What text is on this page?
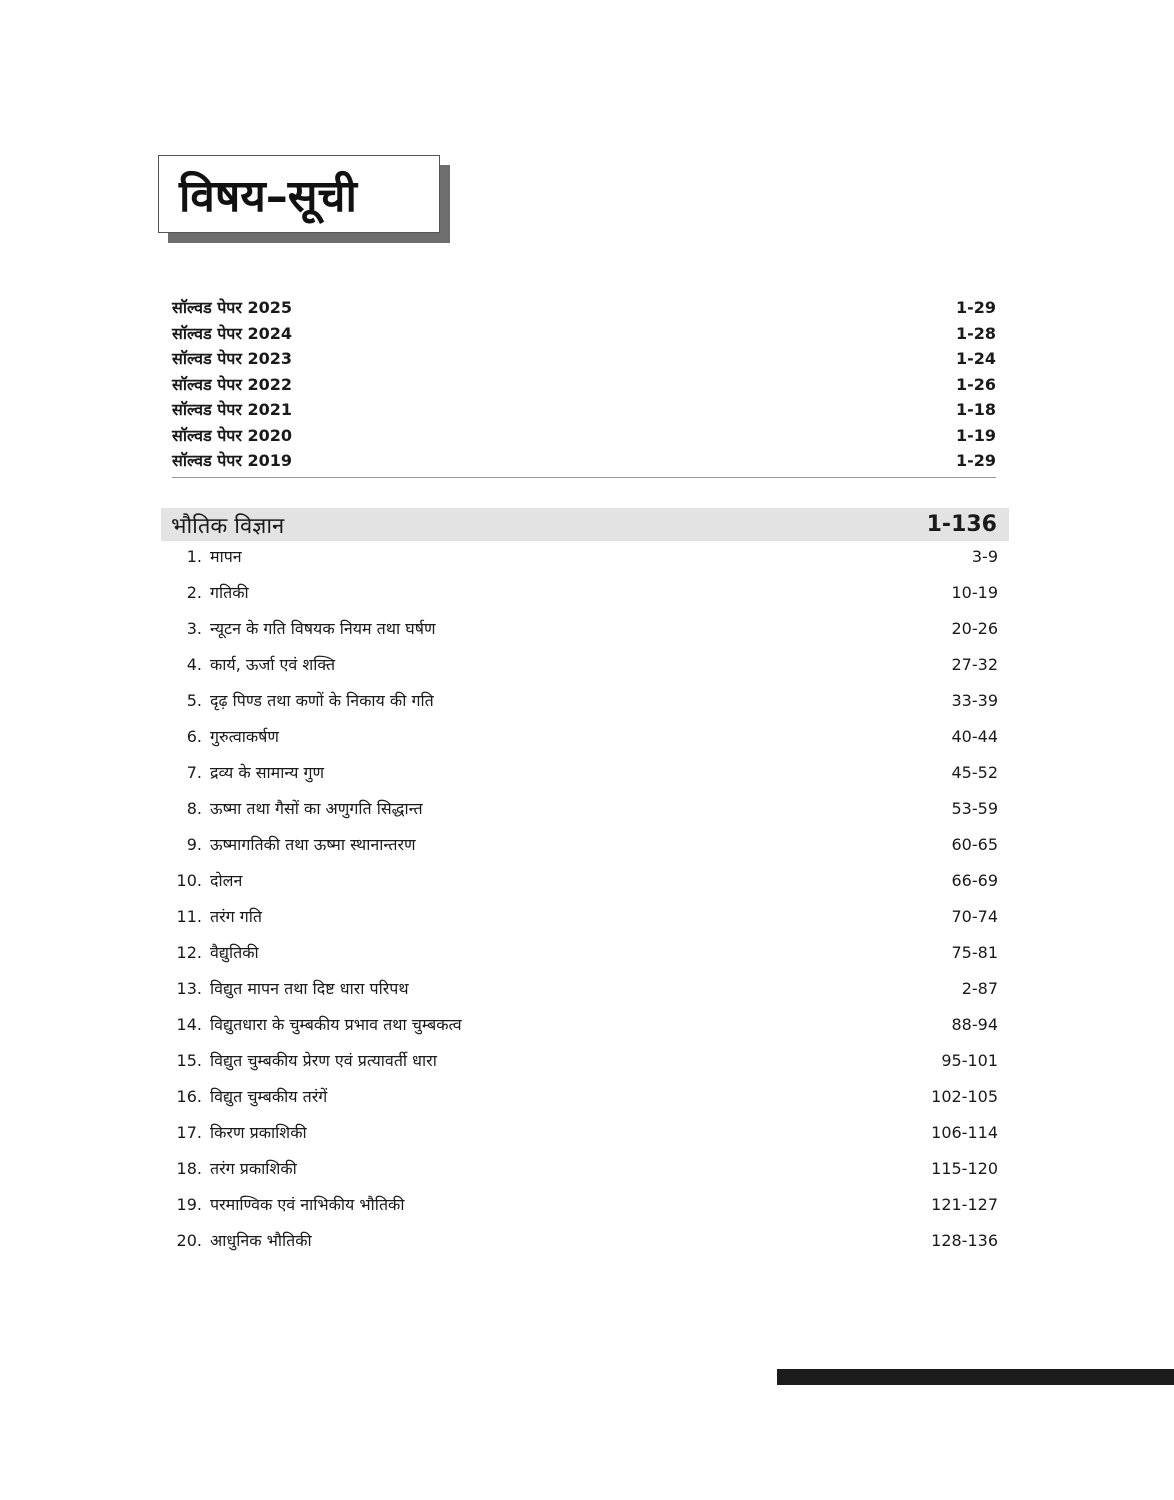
विषय–सूची
सॉल्वड पेपर 2025	1-29
सॉल्वड पेपर 2024	1-28
सॉल्वड पेपर 2023	1-24
सॉल्वड पेपर 2022	1-26
सॉल्वड पेपर 2021	1-18
सॉल्वड पेपर 2020	1-19
सॉल्वड पेपर 2019	1-29
भौतिक विज्ञान	1-136
1. मापन	3-9
2. गतिकी	10-19
3. न्यूटन के गति विषयक नियम तथा घर्षण	20-26
4. कार्य, ऊर्जा एवं शक्ति	27-32
5. दृढ़ पिण्ड तथा कणों के निकाय की गति	33-39
6. गुरुत्वाकर्षण	40-44
7. द्रव्य के सामान्य गुण	45-52
8. ऊष्मा तथा गैसों का अणुगति सिद्धान्त	53-59
9. ऊष्मागतिकी तथा ऊष्मा स्थानान्तरण	60-65
10. दोलन	66-69
11. तरंग गति	70-74
12. वैद्युतिकी	75-81
13. विद्युत मापन तथा दिष्ट धारा परिपथ	2-87
14. विद्युतधारा के चुम्बकीय प्रभाव तथा चुम्बकत्व	88-94
15. विद्युत चुम्बकीय प्रेरण एवं प्रत्यावर्ती धारा	95-101
16. विद्युत चुम्बकीय तरंगें	102-105
17. किरण प्रकाशिकी	106-114
18. तरंग प्रकाशिकी	115-120
19. परमाण्विक एवं नाभिकीय भौतिकी	121-127
20. आधुनिक भौतिकी	128-136
